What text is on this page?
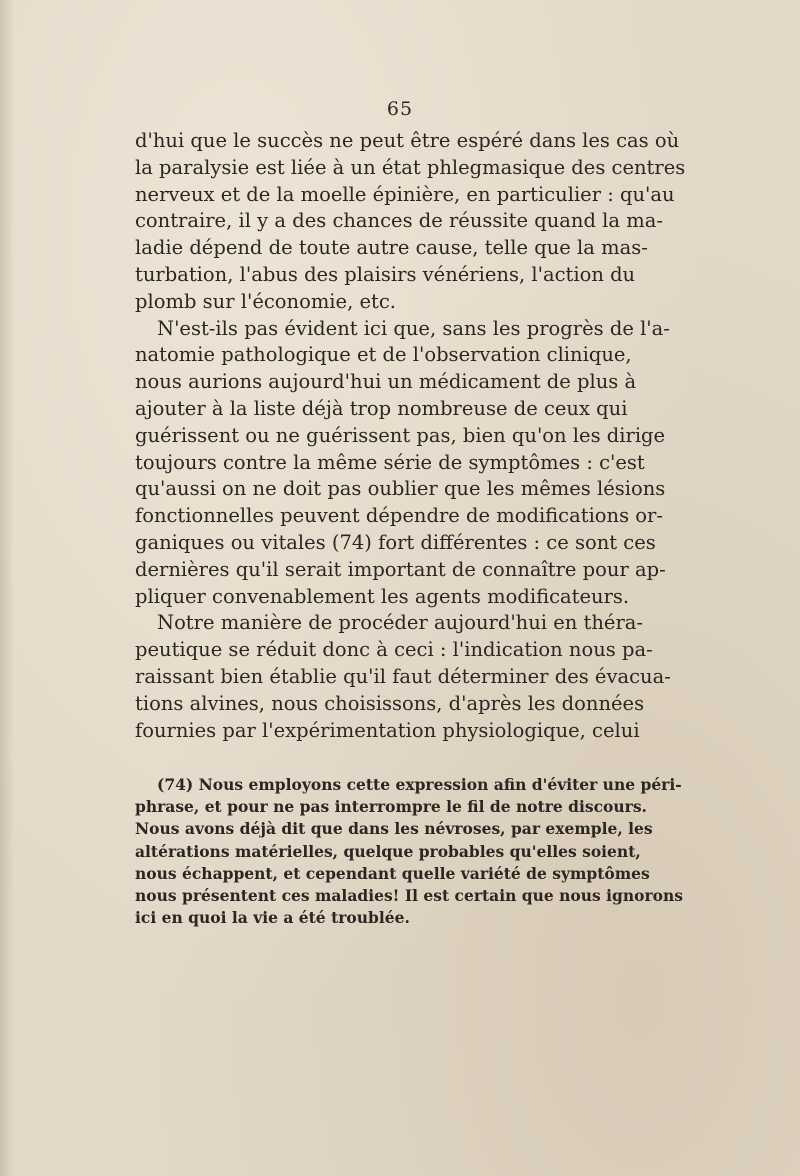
65
d'hui que le succès ne peut être espéré dans les cas où
la paralysie est liée à un état phlegmasique des centres
nerveux et de la moelle épinière, en particulier : qu'au
contraire, il y a des chances de réussite quand la ma-
ladie dépend de toute autre cause, telle que la mas-
turbation, l'abus des plaisirs vénériens, l'action du
plomb sur l'économie, etc.
N'est-ils pas évident ici que, sans les progrès de l'a-
natomie pathologique et de l'observation clinique,
nous aurions aujourd'hui un médicament de plus à
ajouter à la liste déjà trop nombreuse de ceux qui
guérissent ou ne guérissent pas, bien qu'on les dirige
toujours contre la même série de symptômes : c'est
qu'aussi on ne doit pas oublier que les mêmes lésions
fonctionnelles peuvent dépendre de modifications or-
ganiques ou vitales (74) fort différentes : ce sont ces
dernières qu'il serait important de connaître pour ap-
pliquer convenablement les agents modificateurs.
Notre manière de procéder aujourd'hui en théra-
peutique se réduit donc à ceci : l'indication nous pa-
raissant bien établie qu'il faut déterminer des évacua-
tions alvines, nous choisissons, d'après les données
fournies par l'expérimentation physiologique, celui
(74) Nous employons cette expression afin d'éviter une péri-
phrase, et pour ne pas interrompre le fil de notre discours.
Nous avons déjà dit que dans les névroses, par exemple, les
altérations matérielles, quelque probables qu'elles soient,
nous échappent, et cependant quelle variété de symptômes
nous présentent ces maladies! Il est certain que nous ignorons
ici en quoi la vie a été troublée.
